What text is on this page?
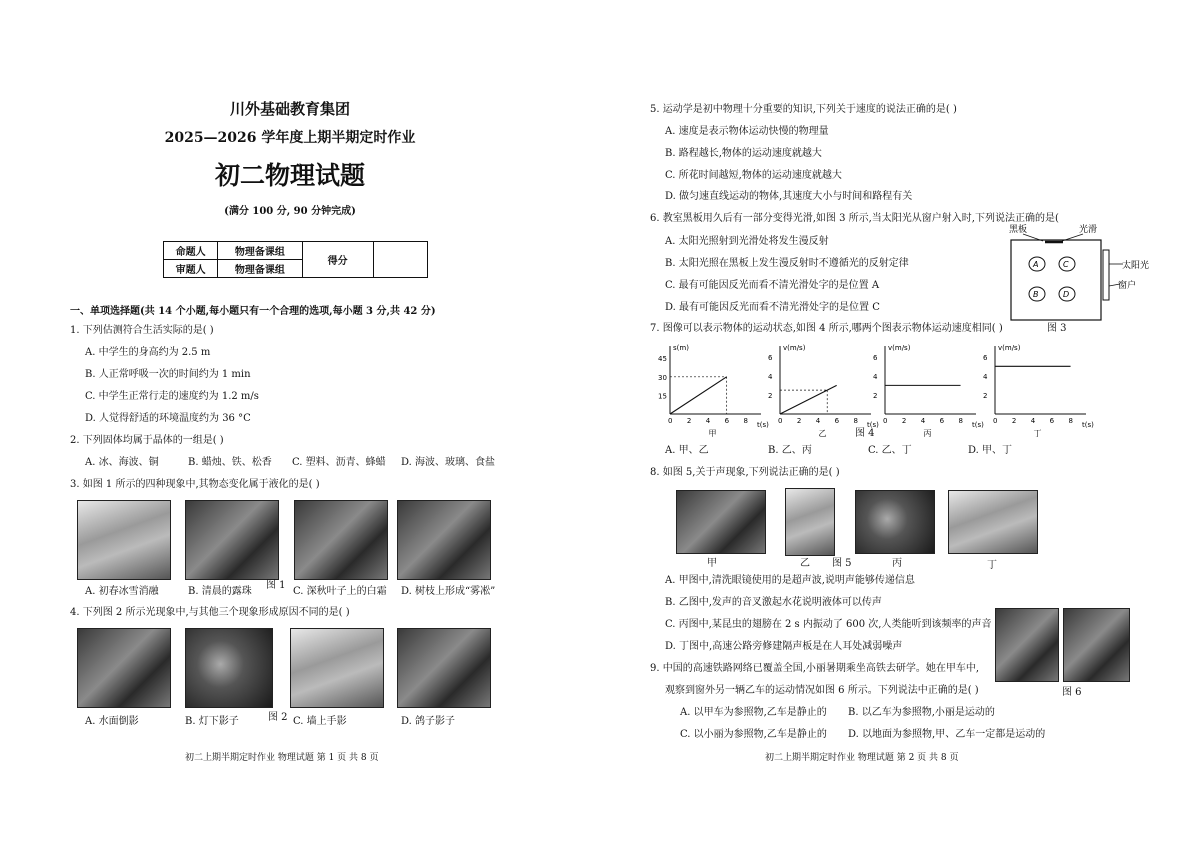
川外基础教育集团
2025—2026 学年度上期半期定时作业
初二物理试题
(满分 100 分, 90 分钟完成)
命题人	物理备课组	得分	
审题人	物理备课组		
一、单项选择题(共 14 个小题,每小题只有一个合理的选项,每小题 3 分,共 42 分)
1. 下列估测符合生活实际的是( )
A. 中学生的身高约为 2.5 m
B. 人正常呼吸一次的时间约为 1 min
C. 中学生正常行走的速度约为 1.2 m/s
D. 人觉得舒适的环境温度约为 36 °C
2. 下列固体均属于晶体的一组是( )
A. 冰、海波、铜	B. 蜡烛、铁、松香 C. 塑料、沥青、蜂蜡 D. 海波、玻璃、食盐
3. 如图 1 所示的四种现象中,其物态变化属于液化的是( )
A. 初春冰雪消融	B. 清晨的露珠
图 1
C. 深秋叶子上的白霜 D. 树枝上形成“雾凇”
4. 下列图 2 所示光现象中,与其他三个现象形成原因不同的是( )
A. 水面倒影	B. 灯下影子	图 2 C. 墙上手影	D. 鸽子影子
初二上期半期定时作业 物理试题 第 1 页 共 8 页
5. 运动学是初中物理十分重要的知识,下列关于速度的说法正确的是( )
A. 速度是表示物体运动快慢的物理量
B. 路程越长,物体的运动速度就越大
C. 所花时间越短,物体的运动速度就越大
D. 做匀速直线运动的物体,其速度大小与时间和路程有关
6. 教室黑板用久后有一部分变得光滑,如图 3 所示,当太阳光从窗户射入时,下列说法正确的是(
A. 太阳光照射到光滑处将发生漫反射
B. 太阳光照在黑板上发生漫反射时不遵循光的反射定律
C. 最有可能因反光而看不清光滑处字的是位置 A
D. 最有可能因反光而看不清光滑处字的是位置 C
黑板	光滑
太阳光
窗户
A	C
B	D
7. 图像可以表示物体的运动状态,如图 4 所示,哪两个图表示物体运动速度相同( )	图 3
s(m)
t(s)
0 2 4 6 8
15
30
45
甲
v(m/s)
t(s)
0 2 4 6 8
2
4
6
乙
v(m/s)
t(s)
0 2 4 6 8
2
4
6
丙
v(m/s)
t(s)
0 2 4 6 8
2
4
6
丁
图 4
A. 甲、乙	B. 乙、丙	C. 乙、丁	D. 甲、丁
8. 如图 5,关于声现象,下列说法正确的是( )
甲	乙 图 5	丙	丁
A. 甲图中,清洗眼镜使用的是超声波,说明声能够传递信息
B. 乙图中,发声的音叉激起水花说明液体可以传声
C. 丙图中,某昆虫的翅膀在 2 s 内振动了 600 次,人类能听到该频率的声音
D. 丁图中,高速公路旁修建隔声板是在人耳处减弱噪声
9. 中国的高速铁路网络已覆盖全国,小丽暑期乘坐高铁去研学。她在甲车中,
观察到窗外另一辆乙车的运动情况如图 6 所示。下列说法中正确的是( )	图 6
A. 以甲车为参照物,乙车是静止的 B. 以乙车为参照物,小丽是运动的
C. 以小丽为参照物,乙车是静止的 D. 以地面为参照物,甲、乙车一定都是运动的
初二上期半期定时作业 物理试题 第 2 页 共 8 页
